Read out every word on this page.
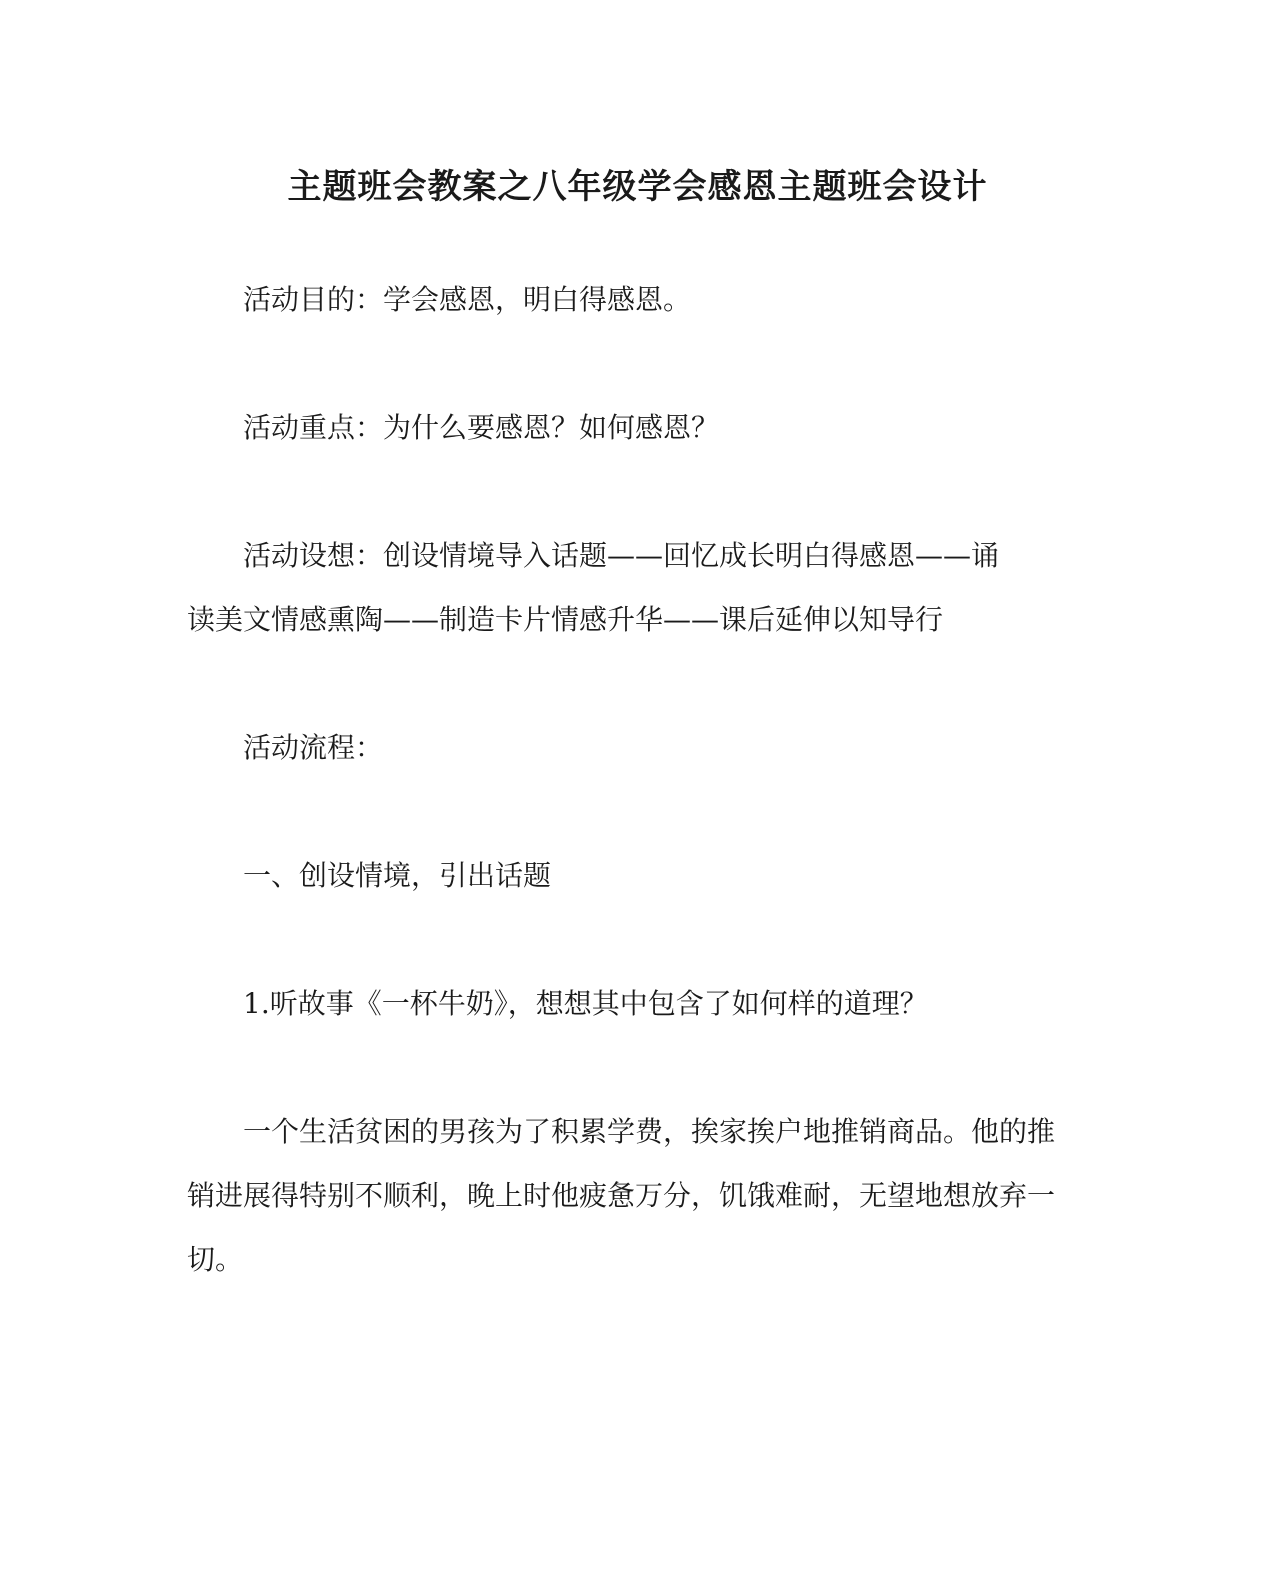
主题班会教案之八年级学会感恩主题班会设计

活动目的：学会感恩，明白得感恩。

活动重点：为什么要感恩？如何感恩？

活动设想：创设情境导入话题——回忆成长明白得感恩——诵读美文情感熏陶——制造卡片情感升华——课后延伸以知导行

活动流程：

一、创设情境，引出话题

1.听故事《一杯牛奶》，想想其中包含了如何样的道理？

一个生活贫困的男孩为了积累学费，挨家挨户地推销商品。他的推销进展得特别不顺利，晚上时他疲惫万分，饥饿难耐，无望地想放弃一切。
